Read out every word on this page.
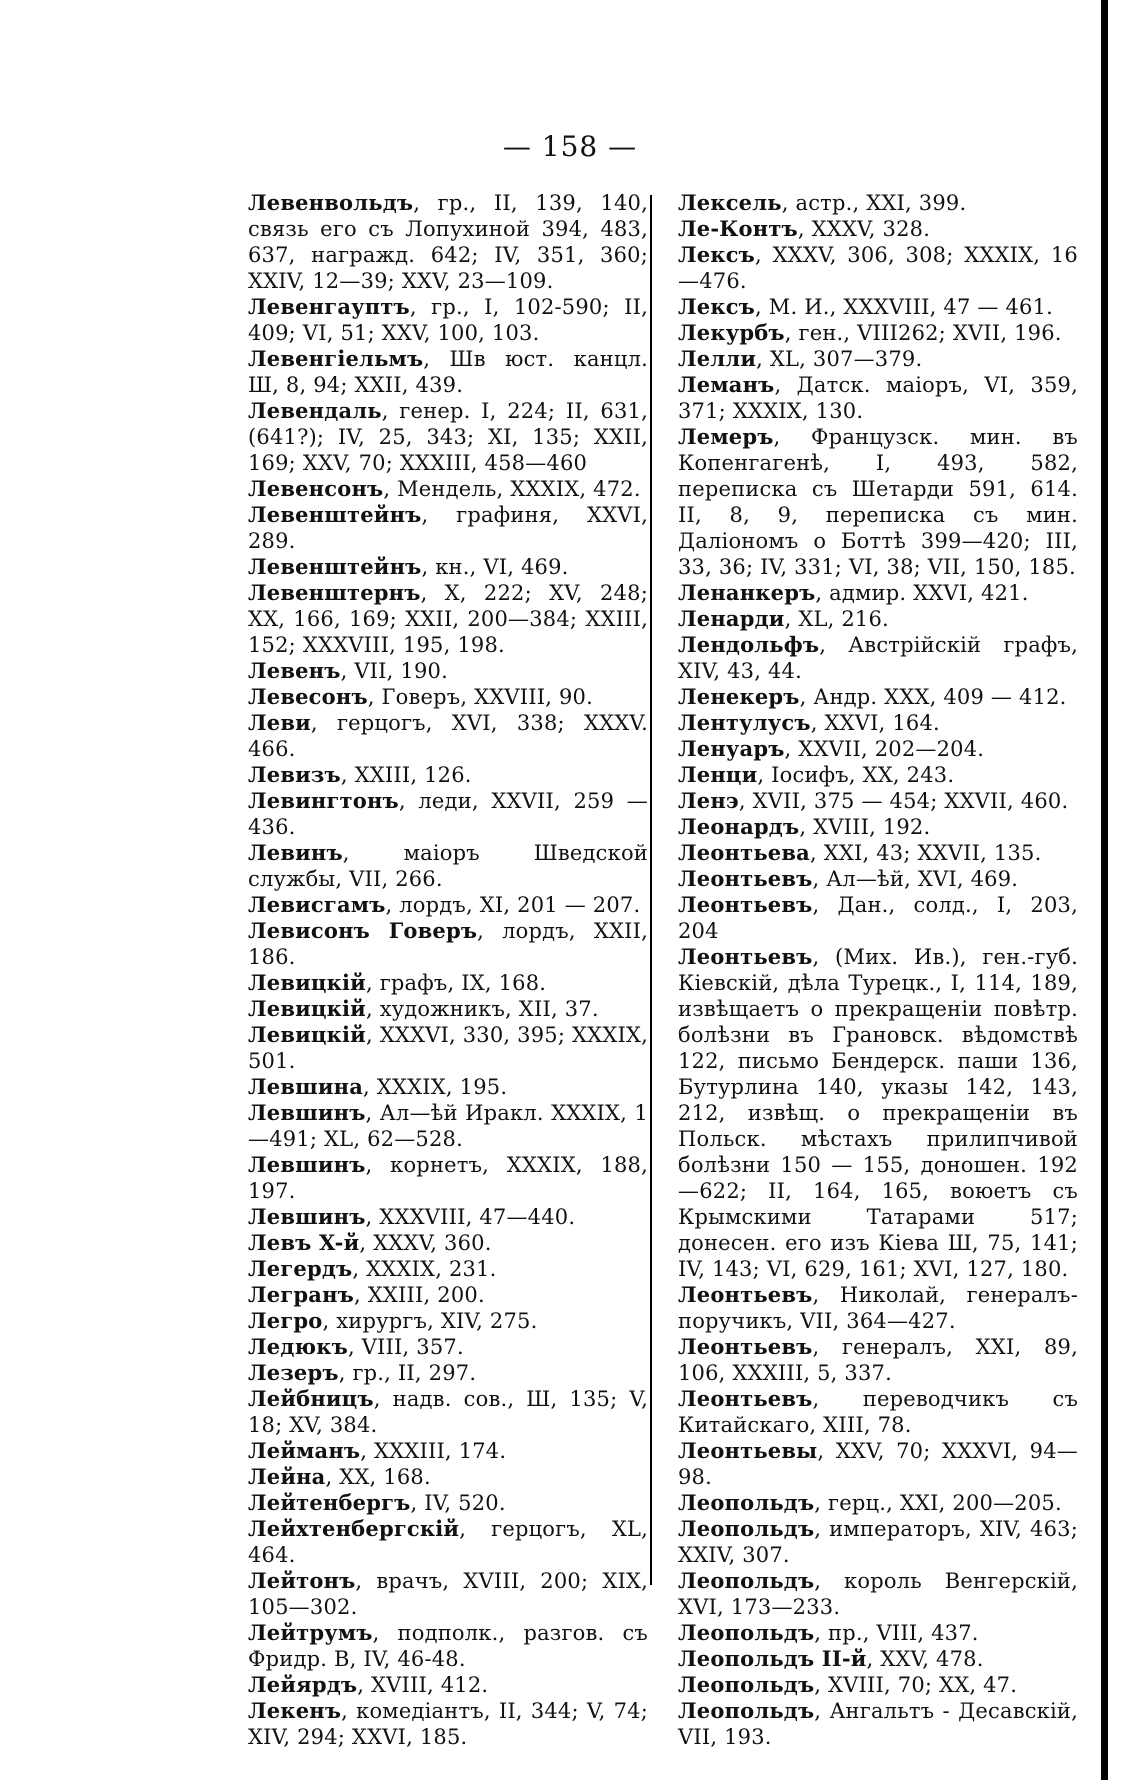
— 158 —
Левенвольдъ, гр., II, 139, 140, связь его съ Лопухиной 394, 483, 637, награжд. 642; IV, 351, 360; XXIV, 12—39; XXV, 23—109.
Левенгауптъ, гр., I, 102-590; II, 409; VI, 51; XXV, 100, 103.
Левенгіельмъ, Шв юст. канцл. Ш, 8, 94; XXII, 439.
Левендаль, генер. I, 224; II, 631, (641?); IV, 25, 343; XI, 135; XXII, 169; XXV, 70; XXXIII, 458—460
Левенсонъ, Мендель, XXXIX, 472.
Левенштейнъ, графиня, XXVI, 289.
Левенштейнъ, кн., VI, 469.
Левенштернъ, X, 222; XV, 248; XX, 166, 169; XXII, 200—384; XXIII, 152; XXXVIII, 195, 198.
Левенъ, VII, 190.
Левесонъ, Говеръ, XXVIII, 90.
Леви, герцогъ, XVI, 338; XXXV. 466.
Левизъ, XXIII, 126.
Левингтонъ, леди, XXVII, 259 — 436.
Левинъ, маіоръ Шведской службы, VII, 266.
Левисгамъ, лордъ, XI, 201 — 207.
Левисонъ Говеръ, лордъ, XXII, 186.
Левицкій, графъ, IX, 168.
Левицкій, художникъ, XII, 37.
Левицкій, XXXVI, 330, 395; XXXIX, 501.
Левшина, XXXIX, 195.
Левшинъ, Ал—ѣй Иракл. XXXIX, 1—491; XL, 62—528.
Левшинъ, корнетъ, XXXIX, 188, 197.
Левшинъ, XXXVIII, 47—440.
Левъ X-й, XXXV, 360.
Легердъ, XXXIX, 231.
Легранъ, XXIII, 200.
Легро, хирургъ, XIV, 275.
Ледюкъ, VIII, 357.
Лезеръ, гр., II, 297.
Лейбницъ, надв. сов., Ш, 135; V, 18; XV, 384.
Лейманъ, XXXIII, 174.
Лейна, XX, 168.
Лейтенбергъ, IV, 520.
Лейхтенбергскій, герцогъ, XL, 464.
Лейтонъ, врачъ, XVIII, 200; XIX, 105—302.
Лейтрумъ, подполк., разгов. съ Фридр. В, IV, 46-48.
Лейярдъ, XVIII, 412.
Лекенъ, комедіантъ, II, 344; V, 74; XIV, 294; XXVI, 185.
Лексель, астр., XXI, 399.
Ле-Контъ, XXXV, 328.
Лексъ, XXXV, 306, 308; XXXIX, 16—476.
Лексъ, М. И., XXXVIII, 47 — 461.
Лекурбъ, ген., VIII262; XVII, 196.
Лелли, XL, 307—379.
Леманъ, Датск. маіоръ, VI, 359, 371; XXXIX, 130.
Лемеръ, Французск. мин. въ Копенгагенѣ, I, 493, 582, переписка съ Шетарди 591, 614. II, 8, 9, переписка съ мин. Даліономъ о Боттѣ 399—420; III, 33, 36; IV, 331; VI, 38; VII, 150, 185.
Ленанкеръ, адмир. XXVI, 421.
Ленарди, XL, 216.
Лендольфъ, Австрійскій графъ, XIV, 43, 44.
Ленекеръ, Андр. XXX, 409 — 412.
Лентулусъ, XXVI, 164.
Ленуаръ, XXVII, 202—204.
Ленци, Іосифъ, XX, 243.
Ленэ, XVII, 375 — 454; XXVII, 460.
Леонардъ, XVIII, 192.
Леонтьева, XXI, 43; XXVII, 135.
Леонтьевъ, Ал—ѣй, XVI, 469.
Леонтьевъ, Дан., солд., I, 203, 204
Леонтьевъ, (Мих. Ив.), ген.-губ. Кіевскій, дѣла Турецк., I, 114, 189, извѣщаетъ о прекращеніи повѣтр. болѣзни въ Грановск. вѣдомствѣ 122, письмо Бендерск. паши 136, Бутурлина 140, указы 142, 143, 212, извѣщ. о прекращеніи въ Польск. мѣстахъ прилипчивой болѣзни 150 — 155, доношен. 192—622; II, 164, 165, воюетъ съ Крымскими Татарами 517; донесен. его изъ Кіева Ш, 75, 141; IV, 143; VI, 629, 161; XVI, 127, 180.
Леонтьевъ, Николай, генералъ-поручикъ, VII, 364—427.
Леонтьевъ, генералъ, XXI, 89, 106, XXXIII, 5, 337.
Леонтьевъ, переводчикъ съ Китайскаго, XIII, 78.
Леонтьевы, XXV, 70; XXXVI, 94—98.
Леопольдъ, герц., XXI, 200—205.
Леопольдъ, императоръ, XIV, 463; XXIV, 307.
Леопольдъ, король Венгерскій, XVI, 173—233.
Леопольдъ, пр., VIII, 437.
Леопольдъ II-й, XXV, 478.
Леопольдъ, XVIII, 70; XX, 47.
Леопольдъ, Ангальтъ - Десавскій, VII, 193.
